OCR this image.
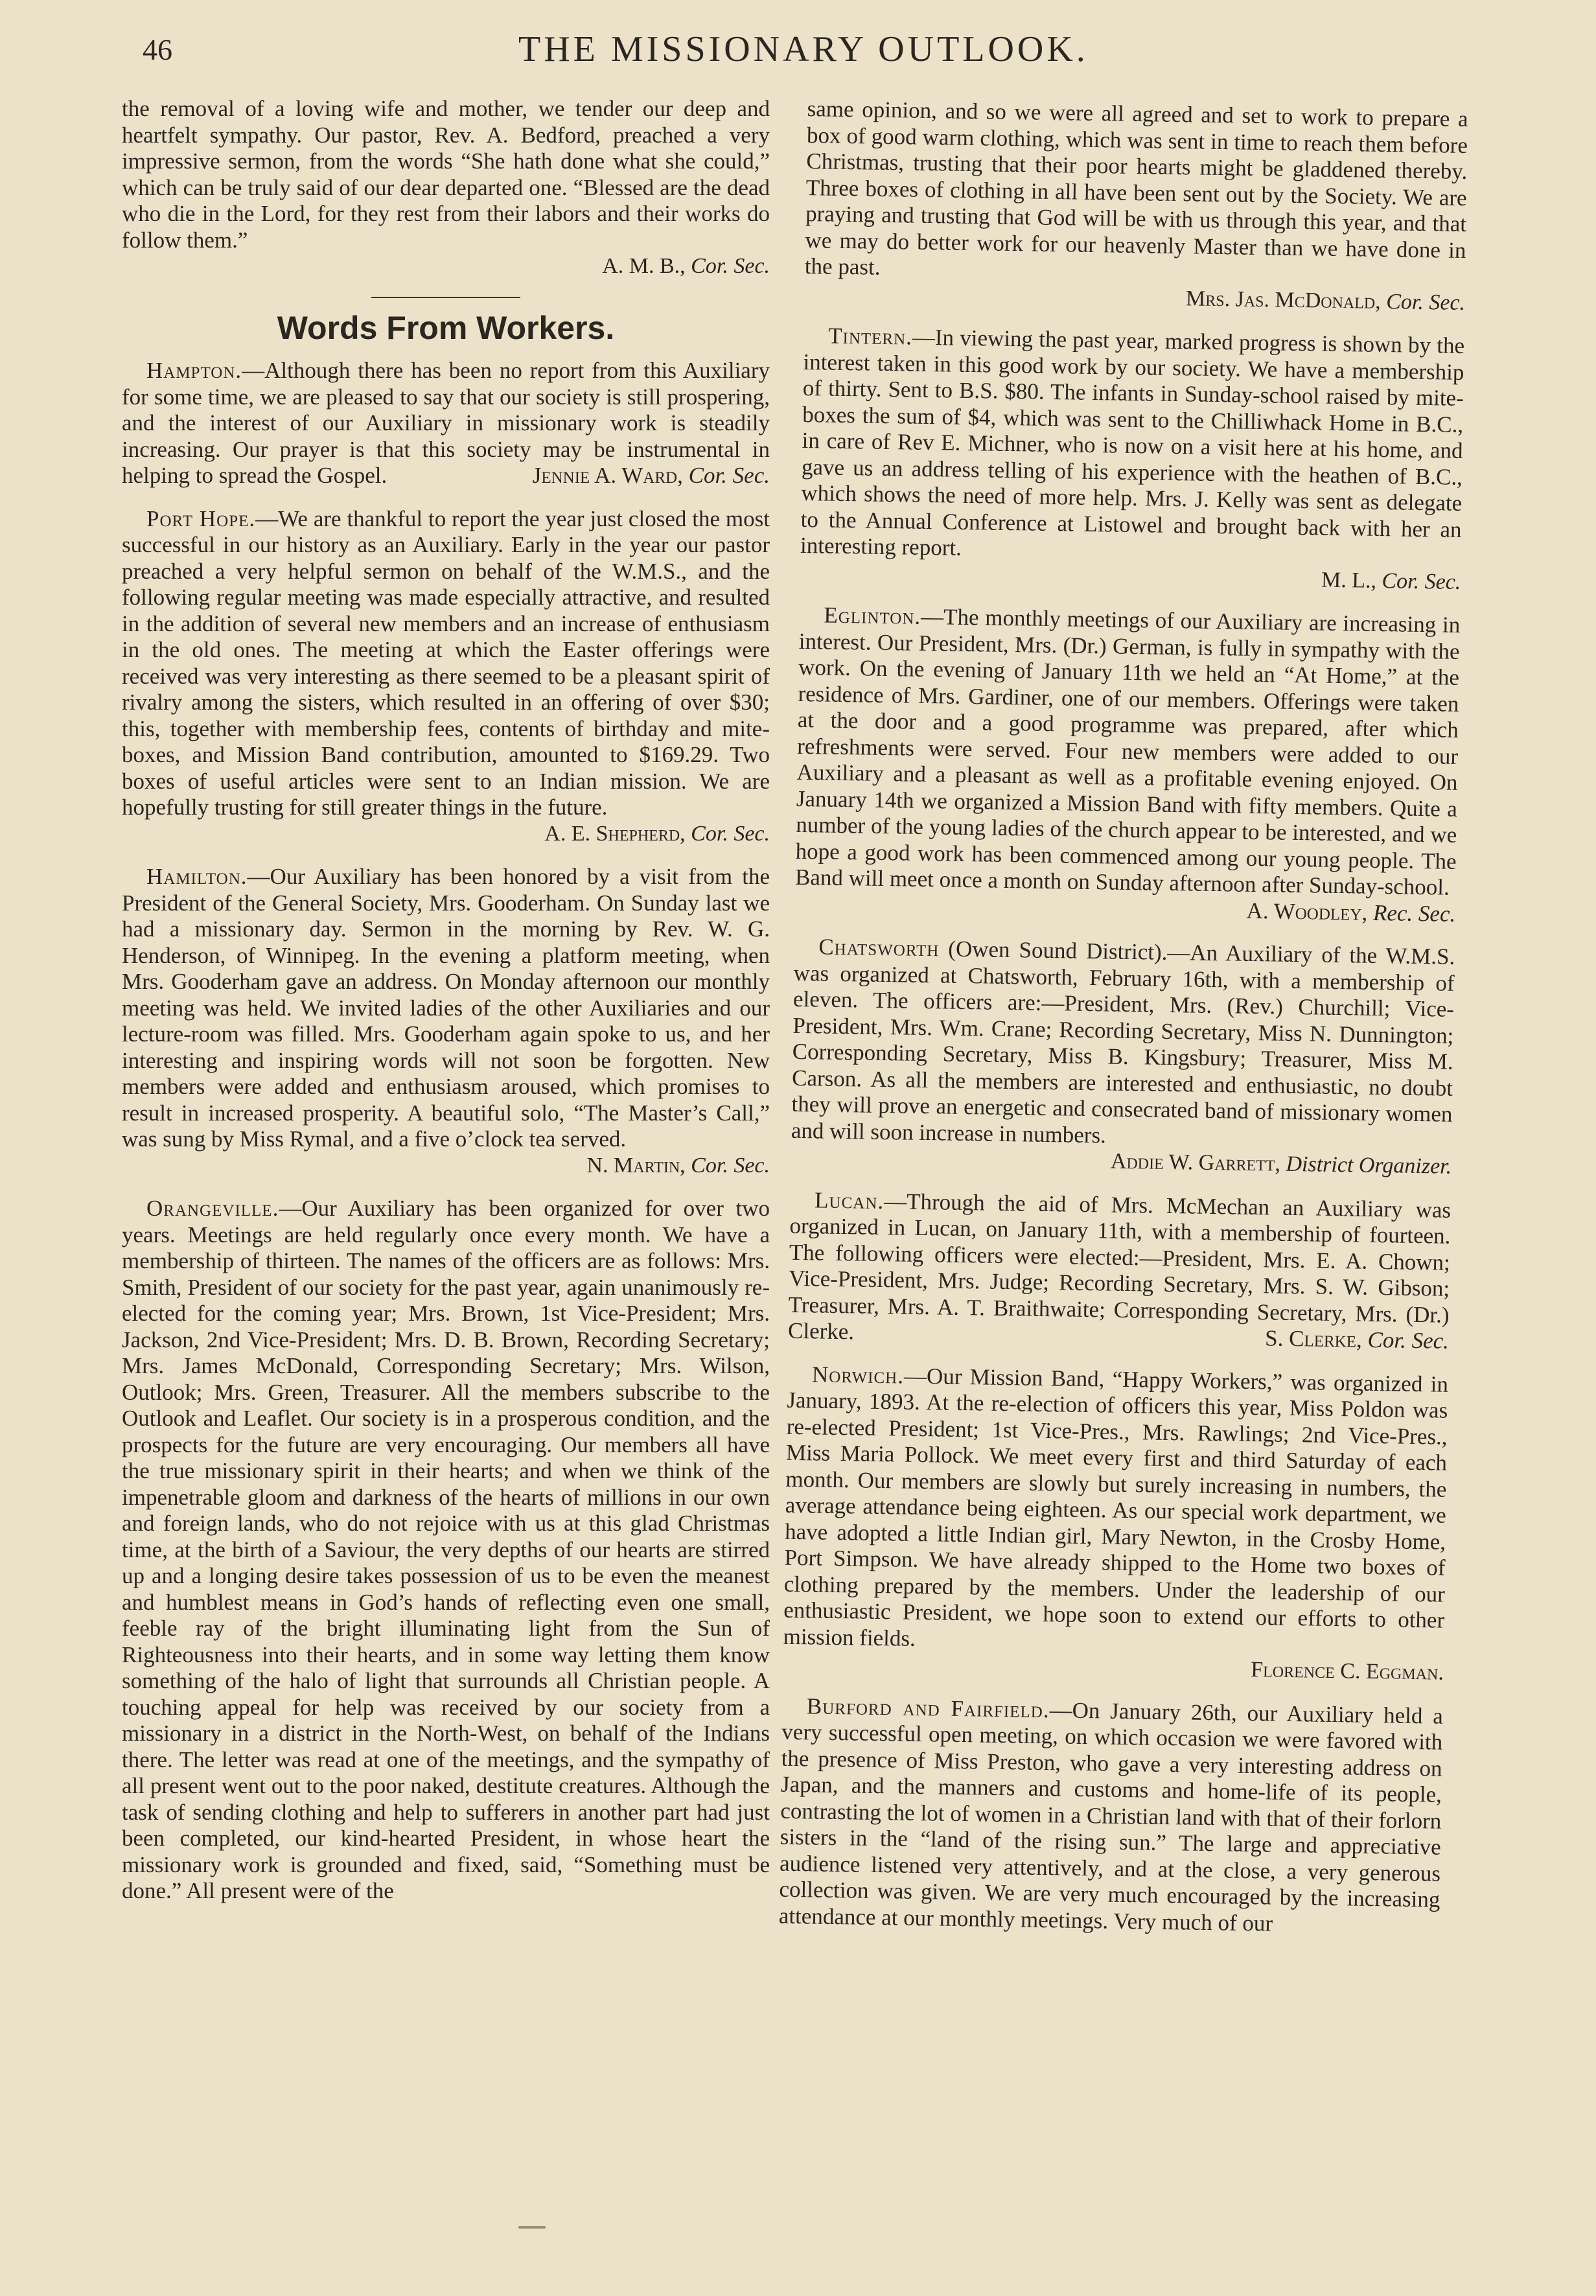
46	THE MISSIONARY OUTLOOK.

the removal of a loving wife and mother, we tender our deep and heartfelt sympathy. Our pastor, Rev. A. Bedford, preached a very impressive sermon, from the words “She hath done what she could,” which can be truly said of our dear departed one. “Blessed are the dead who die in the Lord, for they rest from their labors and their works do follow them.”

A. M. B., Cor. Sec.

Words From Workers.

Hampton.—Although there has been no report from this Auxiliary for some time, we are pleased to say that our society is still prospering, and the interest of our Auxiliary in missionary work is steadily increasing. Our prayer is that this society may be instrumental in helping to spread the Gospel.	Jennie A. Ward, Cor. Sec.

Port Hope.—We are thankful to report the year just closed the most successful in our history as an Auxiliary. Early in the year our pastor preached a very helpful sermon on behalf of the W.M.S., and the following regular meeting was made especially attractive, and resulted in the addition of several new members and an increase of enthusiasm in the old ones. The meeting at which the Easter offerings were received was very interesting as there seemed to be a pleasant spirit of rivalry among the sisters, which resulted in an offering of over $30; this, together with membership fees, contents of birthday and mite-boxes, and Mission Band contribution, amounted to $169.29. Two boxes of useful articles were sent to an Indian mission. We are hopefully trusting for still greater things in the future.

A. E. Shepherd, Cor. Sec.

Hamilton.—Our Auxiliary has been honored by a visit from the President of the General Society, Mrs. Gooderham. On Sunday last we had a missionary day. Sermon in the morning by Rev. W. G. Henderson, of Winnipeg. In the evening a platform meeting, when Mrs. Gooderham gave an address. On Monday afternoon our monthly meeting was held. We invited ladies of the other Auxiliaries and our lecture-room was filled. Mrs. Gooderham again spoke to us, and her interesting and inspiring words will not soon be forgotten. New members were added and enthusiasm aroused, which promises to result in increased prosperity. A beautiful solo, “The Master’s Call,” was sung by Miss Rymal, and a five o’clock tea served.

N. Martin, Cor. Sec.

Orangeville.—Our Auxiliary has been organized for over two years. Meetings are held regularly once every month. We have a membership of thirteen. The names of the officers are as follows: Mrs. Smith, President of our society for the past year, again unanimously re-elected for the coming year; Mrs. Brown, 1st Vice-President; Mrs. Jackson, 2nd Vice-President; Mrs. D. B. Brown, Recording Secretary; Mrs. James McDonald, Corresponding Secretary; Mrs. Wilson, Outlook; Mrs. Green, Treasurer. All the members subscribe to the Outlook and Leaflet. Our society is in a prosperous condition, and the prospects for the future are very encouraging. Our members all have the true missionary spirit in their hearts; and when we think of the impenetrable gloom and darkness of the hearts of millions in our own and foreign lands, who do not rejoice with us at this glad Christmas time, at the birth of a Saviour, the very depths of our hearts are stirred up and a longing desire takes possession of us to be even the meanest and humblest means in God’s hands of reflecting even one small, feeble ray of the bright illuminating light from the Sun of Righteousness into their hearts, and in some way letting them know something of the halo of light that surrounds all Christian people. A touching appeal for help was received by our society from a missionary in a district in the North-West, on behalf of the Indians there. The letter was read at one of the meetings, and the sympathy of all present went out to the poor naked, destitute creatures. Although the task of sending clothing and help to sufferers in another part had just been completed, our kind-hearted President, in whose heart the missionary work is grounded and fixed, said, “Something must be done.” All present were of the

same opinion, and so we were all agreed and set to work to prepare a box of good warm clothing, which was sent in time to reach them before Christmas, trusting that their poor hearts might be gladdened thereby. Three boxes of clothing in all have been sent out by the Society. We are praying and trusting that God will be with us through this year, and that we may do better work for our heavenly Master than we have done in the past.

Mrs. Jas. McDonald, Cor. Sec.

Tintern.—In viewing the past year, marked progress is shown by the interest taken in this good work by our society. We have a membership of thirty. Sent to B.S. $80. The infants in Sunday-school raised by mite-boxes the sum of $4, which was sent to the Chilliwhack Home in B.C., in care of Rev E. Michner, who is now on a visit here at his home, and gave us an address telling of his experience with the heathen of B.C., which shows the need of more help. Mrs. J. Kelly was sent as delegate to the Annual Conference at Listowel and brought back with her an interesting report.

M. L., Cor. Sec.

Eglinton.—The monthly meetings of our Auxiliary are increasing in interest. Our President, Mrs. (Dr.) German, is fully in sympathy with the work. On the evening of January 11th we held an “At Home,” at the residence of Mrs. Gardiner, one of our members. Offerings were taken at the door and a good programme was prepared, after which refreshments were served. Four new members were added to our Auxiliary and a pleasant as well as a profitable evening enjoyed. On January 14th we organized a Mission Band with fifty members. Quite a number of the young ladies of the church appear to be interested, and we hope a good work has been commenced among our young people. The Band will meet once a month on Sunday afternoon after Sunday-school.
A. Woodley, Rec. Sec.

Chatsworth (Owen Sound District).—An Auxiliary of the W.M.S. was organized at Chatsworth, February 16th, with a membership of eleven. The officers are:—President, Mrs. (Rev.) Churchill; Vice-President, Mrs. Wm. Crane; Recording Secretary, Miss N. Dunnington; Corresponding Secretary, Miss B. Kingsbury; Treasurer, Miss M. Carson. As all the members are interested and enthusiastic, no doubt they will prove an energetic and consecrated band of missionary women and will soon increase in numbers.

Addie W. Garrett, District Organizer.

Lucan.—Through the aid of Mrs. McMechan an Auxiliary was organized in Lucan, on January 11th, with a membership of fourteen. The following officers were elected:—President, Mrs. E. A. Chown; Vice-President, Mrs. Judge; Recording Secretary, Mrs. S. W. Gibson; Treasurer, Mrs. A. T. Braithwaite; Corresponding Secretary, Mrs. (Dr.) Clerke.	S. Clerke, Cor. Sec.

Norwich.—Our Mission Band, “Happy Workers,” was organized in January, 1893. At the re-election of officers this year, Miss Poldon was re-elected President; 1st Vice-Pres., Mrs. Rawlings; 2nd Vice-Pres., Miss Maria Pollock. We meet every first and third Saturday of each month. Our members are slowly but surely increasing in numbers, the average attendance being eighteen. As our special work department, we have adopted a little Indian girl, Mary Newton, in the Crosby Home, Port Simpson. We have already shipped to the Home two boxes of clothing prepared by the members. Under the leadership of our enthusiastic President, we hope soon to extend our efforts to other mission fields.

Florence C. Eggman.

Burford and Fairfield.—On January 26th, our Auxiliary held a very successful open meeting, on which occasion we were favored with the presence of Miss Preston, who gave a very interesting address on Japan, and the manners and customs and home-life of its people, contrasting the lot of women in a Christian land with that of their forlorn sisters in the “land of the rising sun.” The large and appreciative audience listened very attentively, and at the close, a very generous collection was given. We are very much encouraged by the increasing attendance at our monthly meetings. Very much of our
